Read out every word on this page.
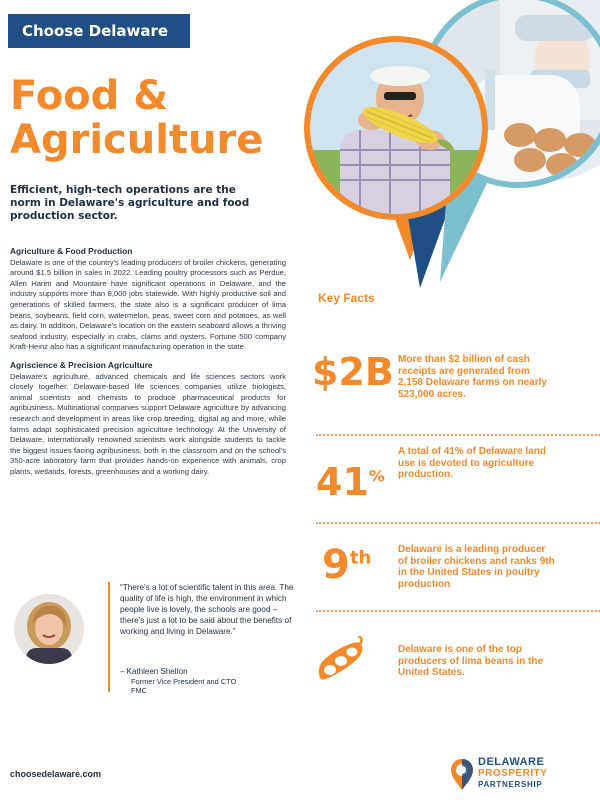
Choose Delaware
Food &
Agriculture
Efficient, high-tech operations are the norm in Delaware's agriculture and food production sector.
Agriculture & Food Production

Delaware is one of the country's leading producers of broiler chickens, generating around $1.5 billion in sales in 2022. Leading poultry processors such as Perdue, Allen Harim and Mountaire have significant operations in Delaware, and the industry supports more than 8,000 jobs statewide. With highly productive soil and generations of skilled farmers, the state also is a significant producer of lima beans, soybeans, field corn, watermelon, peas, sweet corn and potatoes, as well as dairy. In addition, Delaware's location on the eastern seaboard allows a thriving seafood industry, especially in crabs, clams and oysters. Fortune 500 company Kraft-Heinz also has a significant manufacturing operation in the state.

Agriscience & Precision Agriculture

Delaware's agriculture, advanced chemicals and life sciences sectors work closely together. Delaware-based life sciences companies utilize biologists, animal scientists and chemists to produce pharmaceutical products for agribusiness. Multinational companies support Delaware agriculture by advancing research and development in areas like crop breeding, digital ag and more, while farms adapt sophisticated precision agriculture technology. At the University of Delaware, internationally renowned scientists work alongside students to tackle the biggest issues facing agribusiness, both in the classroom and on the school's 350-acre laboratory farm that provides hands-on experience with animals, crop plants, wetlands, forests, greenhouses and a working dairy.

“There's a lot of scientific talent in this area. The quality of life is high, the environment in which people live is lovely, the schools are good – there's just a lot to be said about the benefits of working and living in Delaware.”
– Kathleen Shelton
Former Vice President and CTO
FMC
Key Facts
$2B More than $2 billion of cash receipts are generated from 2,158 Delaware farms on nearly 523,000 acres.
41%
A total of 41% of Delaware land use is devoted to agriculture production.
9th	Delaware is a leading producer of broiler chickens and ranks 9th in the United States in poultry production
Delaware is one of the top producers of lima beans in the United States.
choosedelaware.com
DELAWARE
PROSPERITY
PARTNERSHIP
